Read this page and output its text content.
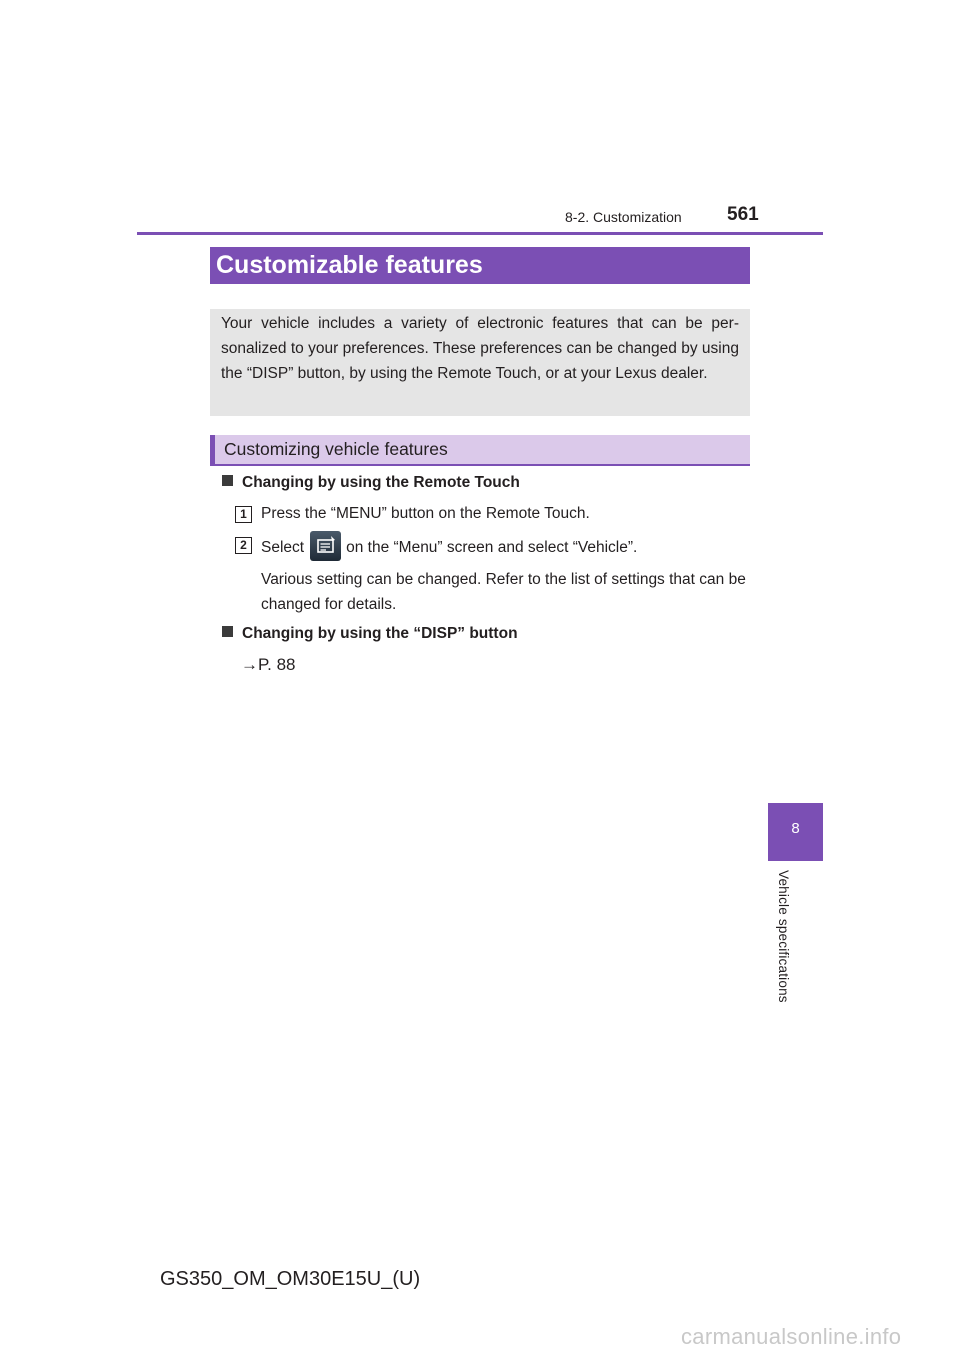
8-2. Customization 561
Customizable features
Your vehicle includes a variety of electronic features that can be per-sonalized to your preferences. These preferences can be changed by using the “DISP” button, by using the Remote Touch, or at your Lexus dealer.
Customizing vehicle features
Changing by using the Remote Touch
1 Press the “MENU” button on the Remote Touch.
2 Select	on the “Menu” screen and select “Vehicle”.
Various setting can be changed. Refer to the list of settings that can be changed for details.
Changing by using the “DISP” button
→P. 88
8
Vehicle specifications
GS350_OM_OM30E15U_(U)
carmanualsonline.info
